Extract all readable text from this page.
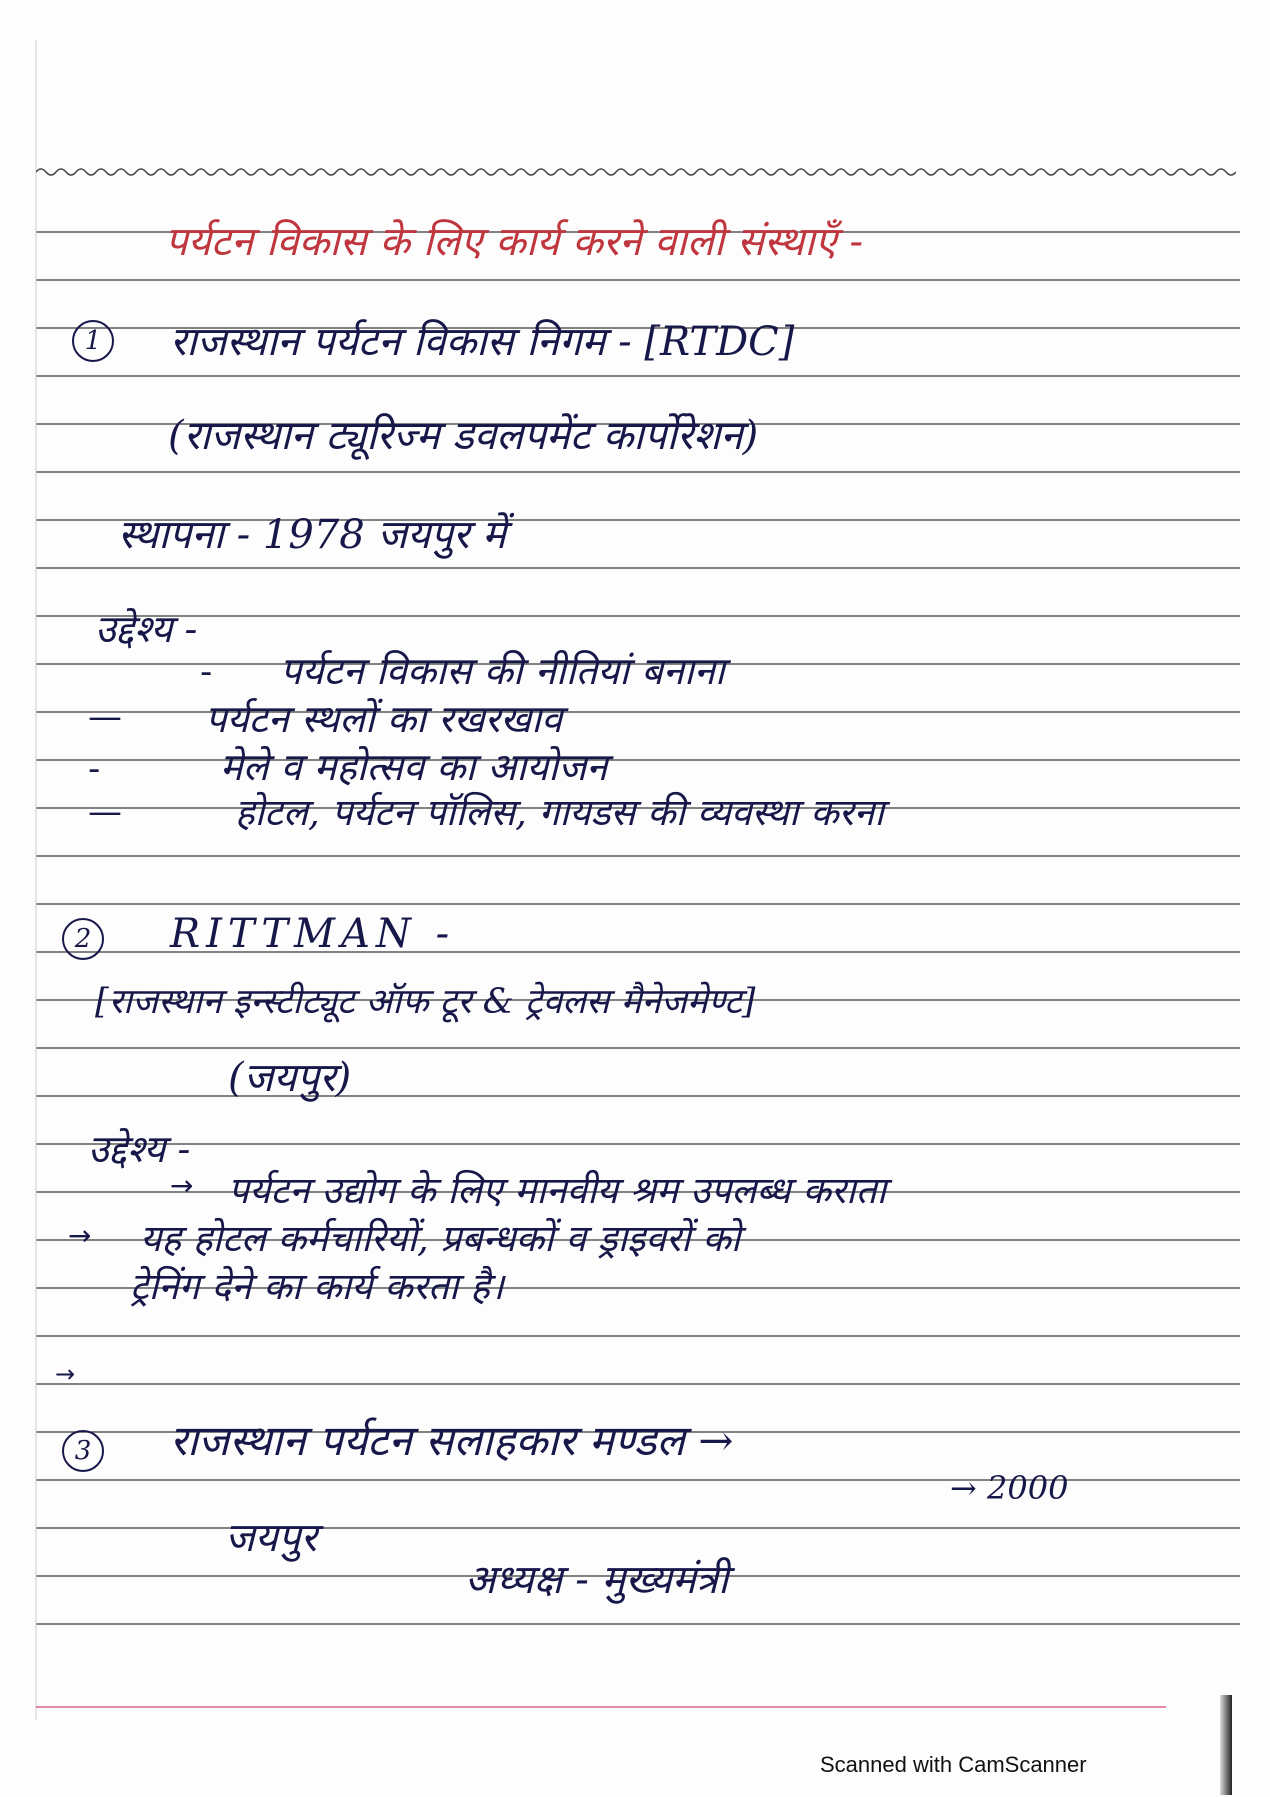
पर्यटन विकास के लिए कार्य करने वाली संस्थाएँ -
1	राजस्थान पर्यटन विकास निगम - [RTDC]
(राजस्थान ट्यूरिज्म डवलपमेंट कार्पोरेशन)
स्थापना - 1978 जयपुर में
उद्देश्य -
- पर्यटन विकास की नीतियां बनाना
— पर्यटन स्थलों का रखरखाव
-	मेले व महोत्सव का आयोजन
—	होटल, पर्यटन पॉलिस, गायडस की व्यवस्था करना
2	RITTMAN -
[राजस्थान इन्स्टीट्यूट ऑफ टूर & ट्रेवलस मैनेजमेण्ट]
(जयपुर)
उद्देश्य -
→ पर्यटन उद्योग के लिए मानवीय श्रम उपलब्ध कराता
→ यह होटल कर्मचारियों, प्रबन्धकों व ड्राइवरों को
ट्रेनिंग देने का कार्य करता है।
→
3	राजस्थान पर्यटन सलाहकार मण्डल →
→ 2000
जयपुर
अध्यक्ष - मुख्यमंत्री
Scanned with CamScanner
